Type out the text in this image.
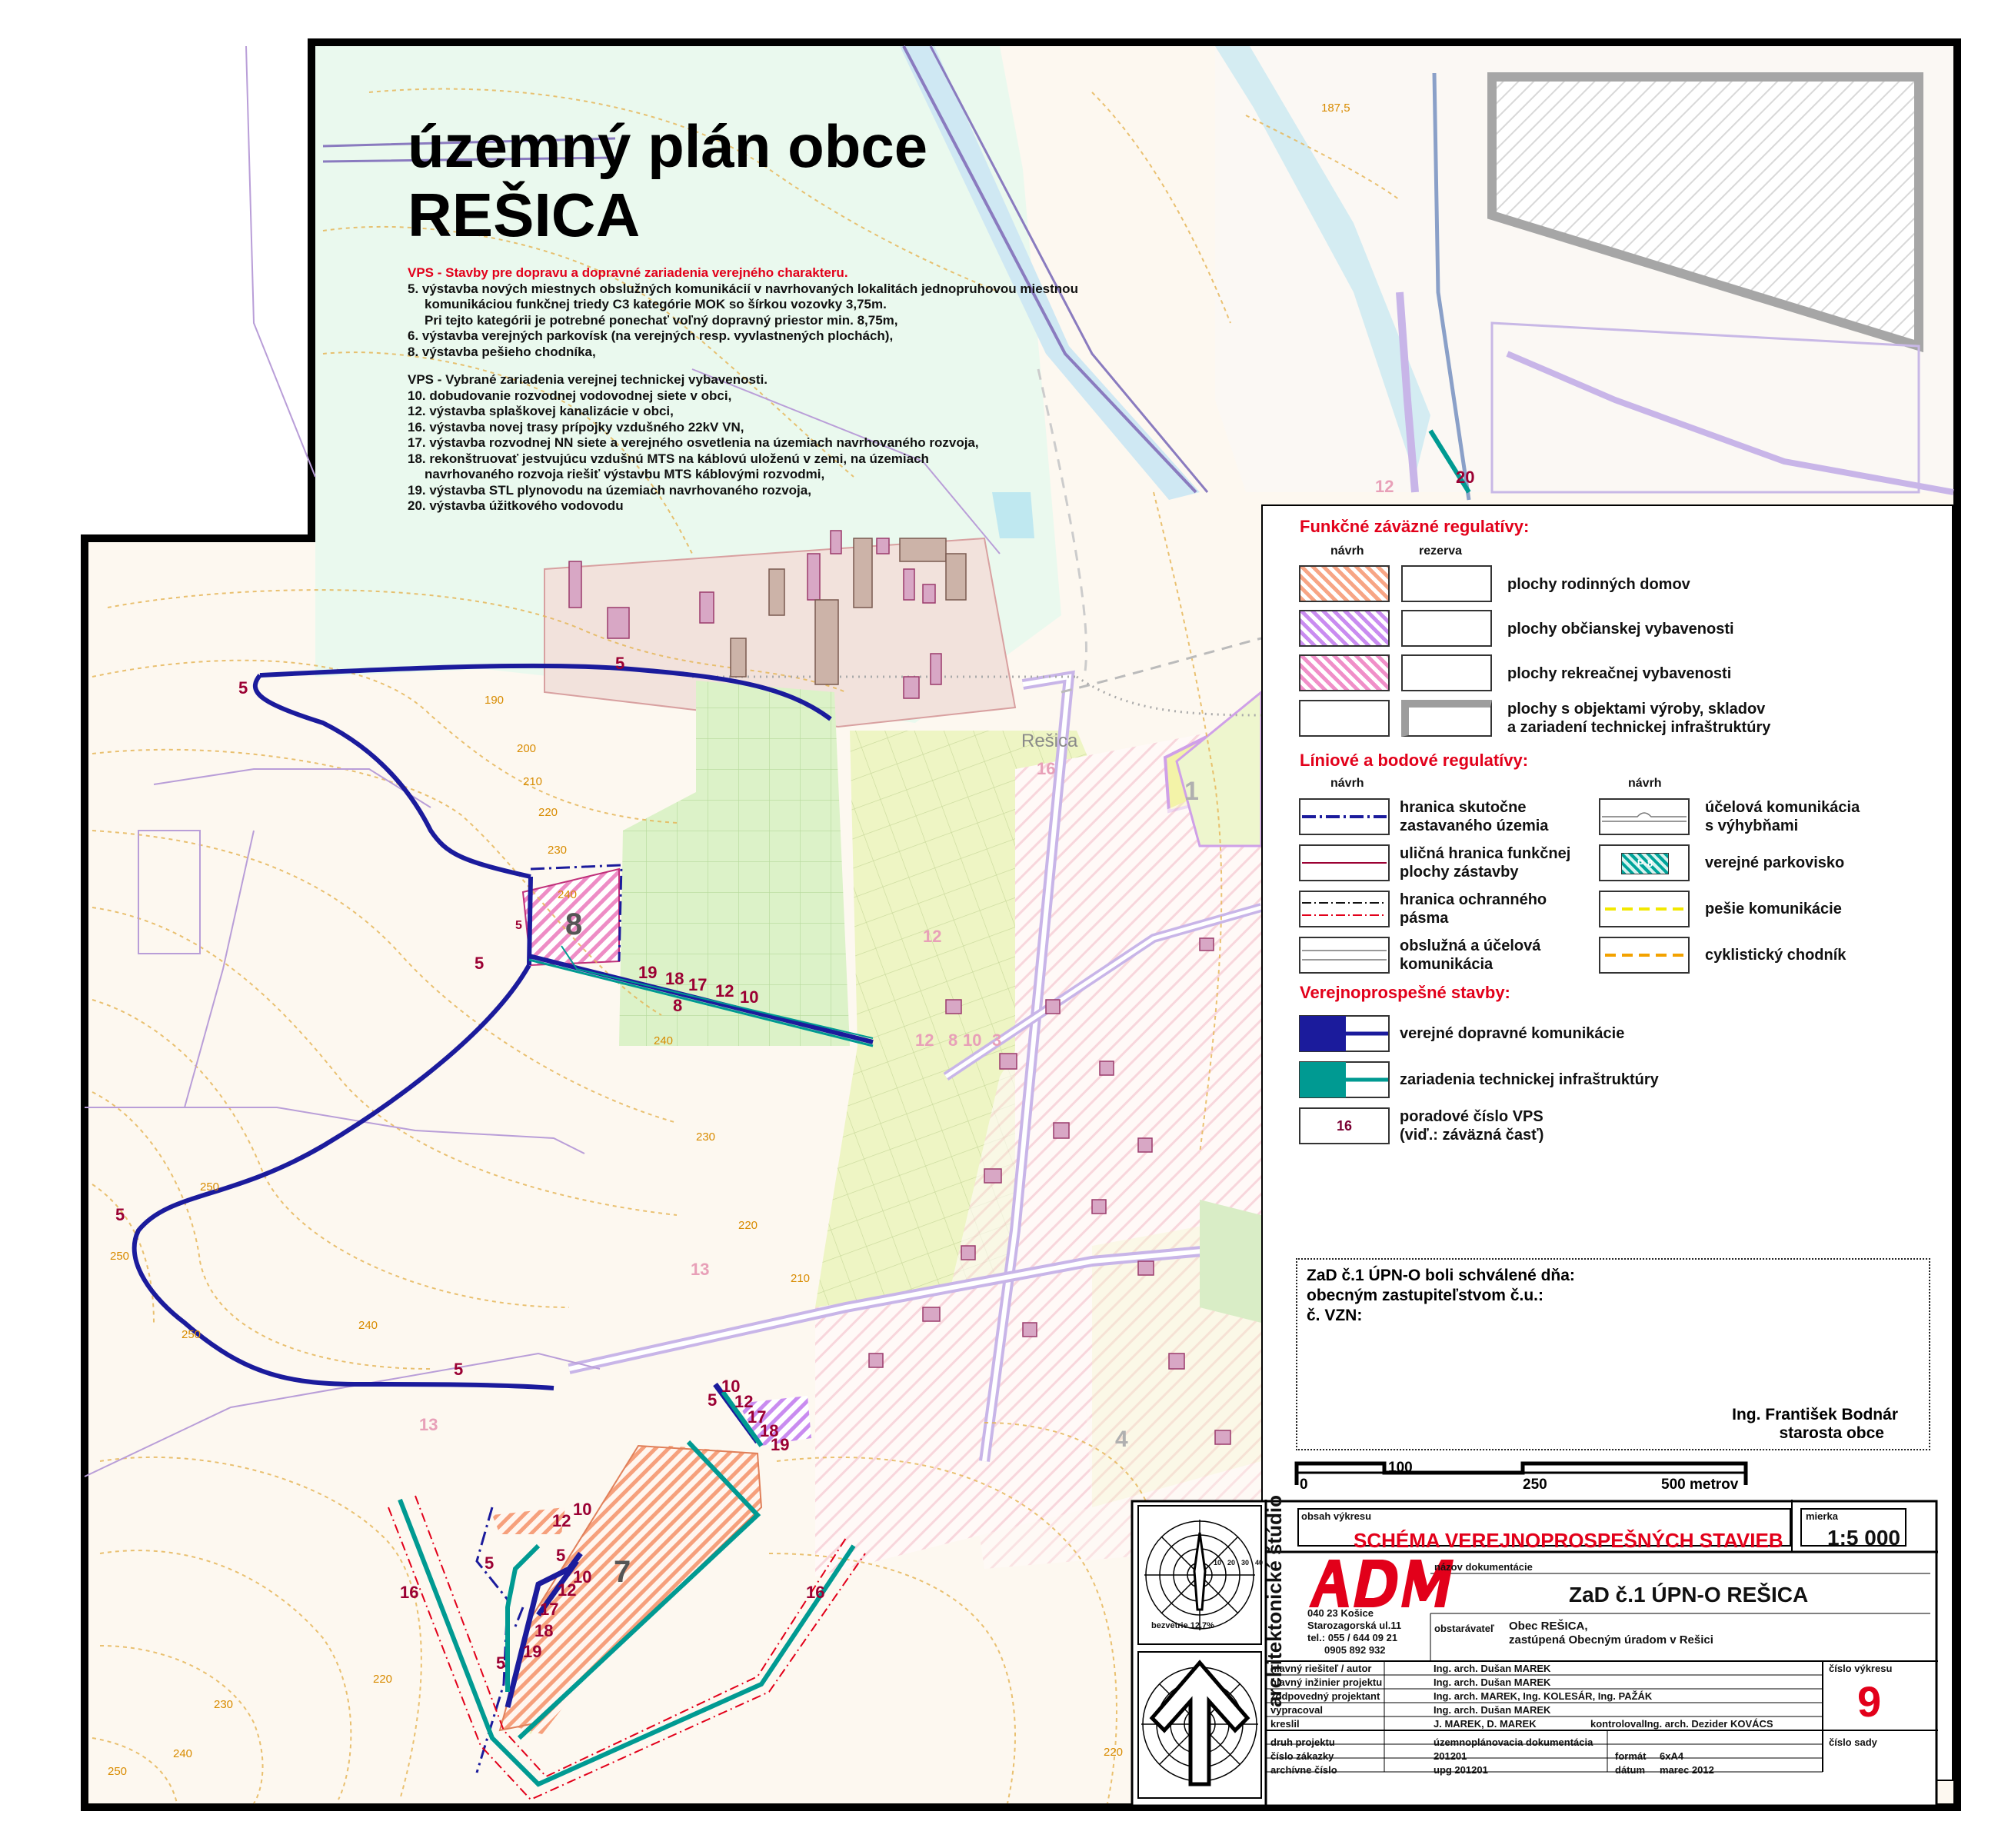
územný plán obce
REŠICA
VPS - Stavby pre dopravu a dopravné zariadenia verejného charakteru.
5. výstavba nových miestnych obslužných komunikácií v navrhovaných lokalitách jednopruhovou miestnou
komunikáciou funkčnej triedy C3 kategórie MOK so šírkou vozovky 3,75m.
Pri tejto kategórii je potrebné ponechať voľný dopravný priestor min. 8,75m,
6. výstavba verejných parkovísk (na verejných resp. vyvlastnených plochách),
8. výstavba pešieho chodníka,
VPS - Vybrané zariadenia verejnej technickej vybavenosti.
10. dobudovanie rozvodnej vodovodnej siete v obci,
12. výstavba splaškovej kanalizácie v obci,
16. výstavba novej trasy prípojky vzdušného 22kV VN,
17. výstavba rozvodnej NN siete a verejného osvetlenia na územiach navrhovaného rozvoja,
18. rekonštruovať jestvujúcu vzdušnú MTS na káblovú uloženú v zemi, na územiach
navrhovaného rozvoja riešiť výstavbu MTS káblovými rozvodmi,
19. výstavba STL plynovodu na územiach navrhovaného rozvoja,
20. výstavba úžitkového vodovodu
187,5
Rešica
190
200
210
210
220
220
220
220
230
230
230
240
240
240
240
250
250
250
250
5
5
5
5
5
5
5	5
5
5 8
8
19 18 17 12 10
10
12
17
18
19
12
10
10
12
17
18
19
16	16
20
7
12
16
1
13
13
12 8 10 3
12
4
Funkčné záväzné regulatívy:
návrh	rezerva
plochy rodinných domov
plochy občianskej vybavenosti
plochy rekreačnej vybavenosti
plochy s objektami výroby, skladov
a zariadení technickej infraštruktúry
Líniové a bodové regulatívy:
návrh	návrh
hranica skutočne
zastavaného územia
uličná hranica funkčnej
plochy zástavby
hranica ochranného
pásma
obslužná a účelová
komunikácia
účelová komunikácia
s výhybňami
P-8	verejné parkovisko
pešie komunikácie
cyklistický chodník
Verejnoprospešné stavby:
verejné dopravné komunikácie
zariadenia technickej infraštruktúry
16
poradové číslo VPS
(viď.: záväzná časť)
ZaD č.1 ÚPN-O boli schválené dňa:
obecným zastupiteľstvom č.u.:
č. VZN:
Ing. František Bodnár
starosta obce
0
100
250	500 metrov
bezvetrie 12,7%
10 20 30 40 architektonické štúdio 040 23 Košice
Starozagorská ul.11
tel.: 055 / 644 09 21
0905 892 932
obsah výkresu
SCHÉMA VEREJNOPROSPEŠNÝCH STAVIEB
mierka
1:5 000
názov dokumentácie
ZaD č.1 ÚPN-O REŠICA
obstarávateľ Obec REŠICA,
zastúpená Obecným úradom v Rešici
hlavný riešiteľ / autor	Ing. arch. Dušan MAREK
hlavný inžinier projektu	Ing. arch. Dušan MAREK
zodpovedný projektant	Ing. arch. MAREK, Ing. KOLESÁR, Ing. PAŽÁK
vypracoval	Ing. arch. Dušan MAREK
kreslil	J. MAREK, D. MAREK	kontroloval Ing. arch. Dezider KOVÁCS
číslo výkresu
9
druh projektu	územnoplánovacia dokumentácia	číslo sady
číslo zákazky	201201	formát 6xA4
archívne číslo	upg 201201	dátum marec 2012
